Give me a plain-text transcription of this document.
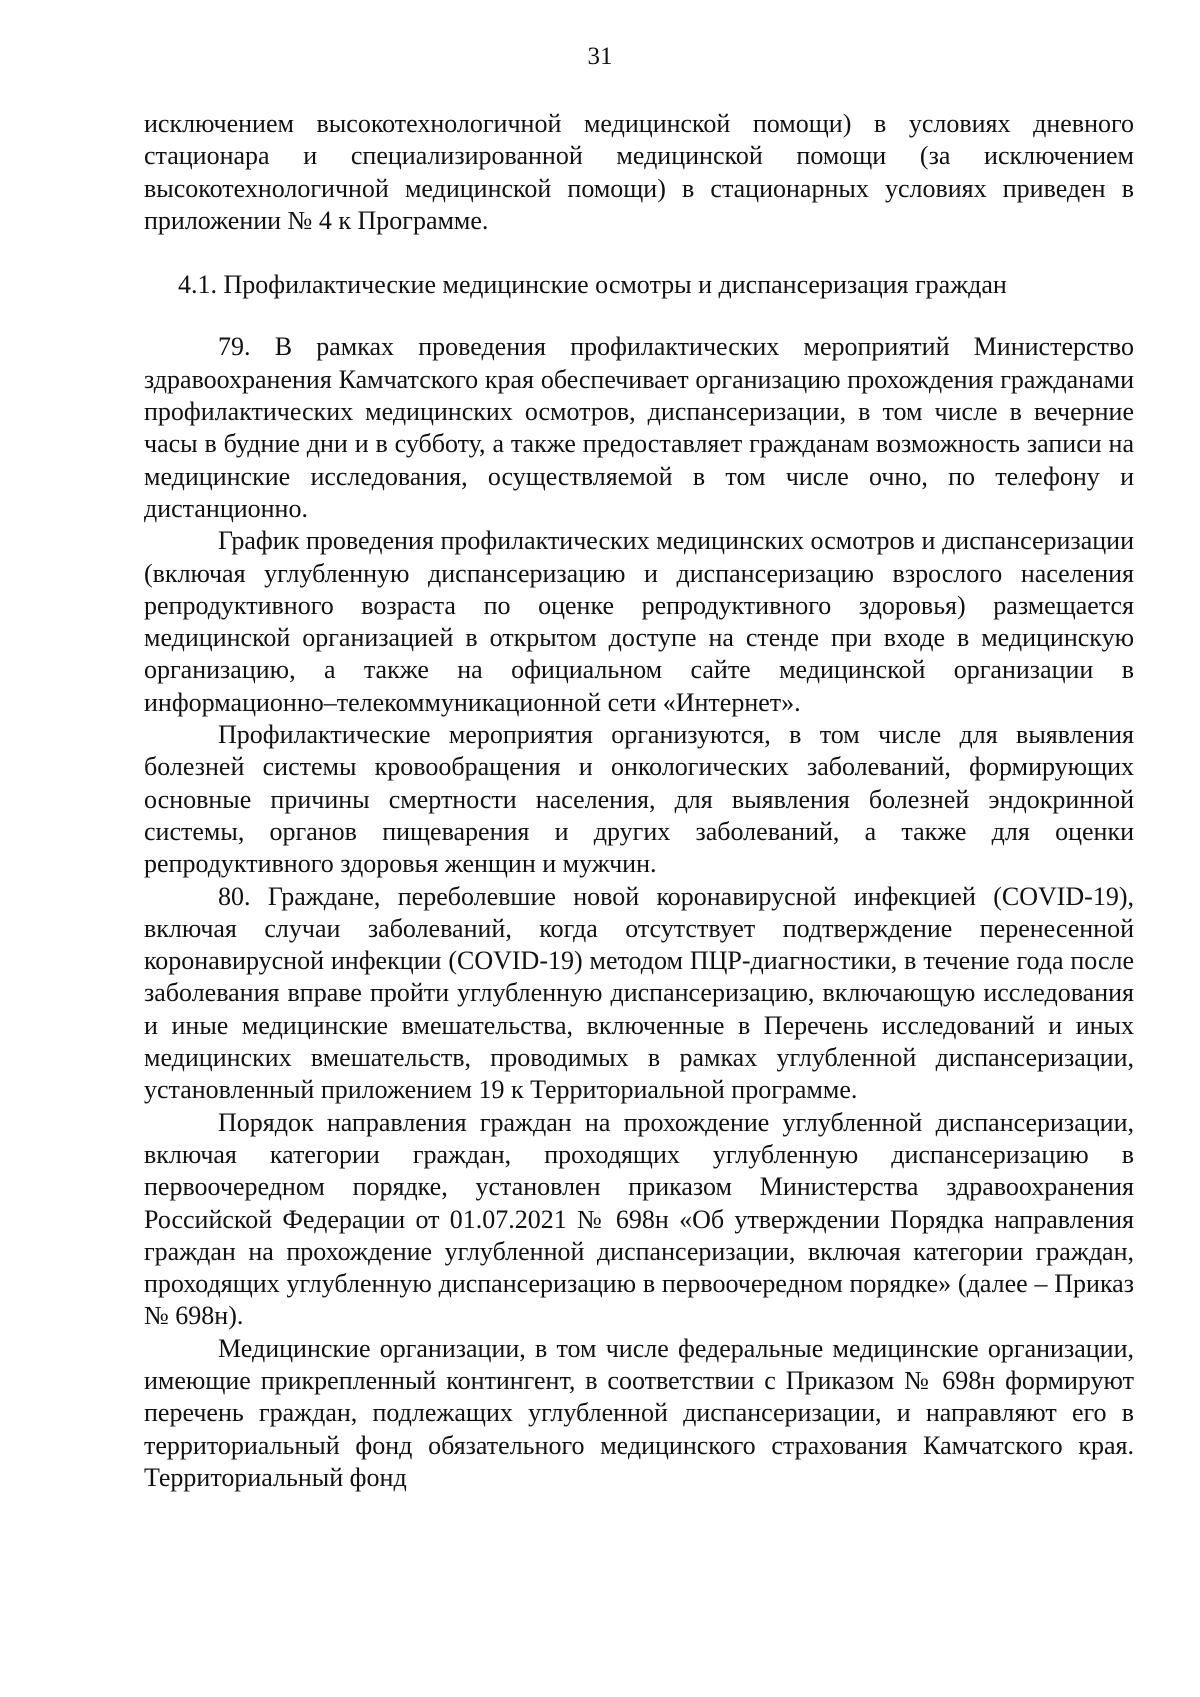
31

исключением высокотехнологичной медицинской помощи) в условиях дневного стационара и специализированной медицинской помощи (за исключением высокотехнологичной медицинской помощи) в стационарных условиях приведен в приложении № 4 к Программе.

4.1. Профилактические медицинские осмотры и диспансеризация граждан

79. В рамках проведения профилактических мероприятий Министерство здравоохранения Камчатского края обеспечивает организацию прохождения гражданами профилактических медицинских осмотров, диспансеризации, в том числе в вечерние часы в будние дни и в субботу, а также предоставляет гражданам возможность записи на медицинские исследования, осуществляемой в том числе очно, по телефону и дистанционно.

График проведения профилактических медицинских осмотров и диспансеризации (включая углубленную диспансеризацию и диспансеризацию взрослого населения репродуктивного возраста по оценке репродуктивного здоровья) размещается медицинской организацией в открытом доступе на стенде при входе в медицинскую организацию, а также на официальном сайте медицинской организации в информационно–телекоммуникационной сети «Интернет».

Профилактические мероприятия организуются, в том числе для выявления болезней системы кровообращения и онкологических заболеваний, формирующих основные причины смертности населения, для выявления болезней эндокринной системы, органов пищеварения и других заболеваний, а также для оценки репродуктивного здоровья женщин и мужчин.

80. Граждане, переболевшие новой коронавирусной инфекцией (COVID-19), включая случаи заболеваний, когда отсутствует подтверждение перенесенной коронавирусной инфекции (COVID-19) методом ПЦР-диагностики, в течение года после заболевания вправе пройти углубленную диспансеризацию, включающую исследования и иные медицинские вмешательства, включенные в Перечень исследований и иных медицинских вмешательств, проводимых в рамках углубленной диспансеризации, установленный приложением 19 к Территориальной программе.

Порядок направления граждан на прохождение углубленной диспансеризации, включая категории граждан, проходящих углубленную диспансеризацию в первоочередном порядке, установлен приказом Министерства здравоохранения Российской Федерации от 01.07.2021 № 698н «Об утверждении Порядка направления граждан на прохождение углубленной диспансеризации, включая категории граждан, проходящих углубленную диспансеризацию в первоочередном порядке» (далее – Приказ № 698н).

Медицинские организации, в том числе федеральные медицинские организации, имеющие прикрепленный контингент, в соответствии с Приказом № 698н формируют перечень граждан, подлежащих углубленной диспансеризации, и направляют его в территориальный фонд обязательного медицинского страхования Камчатского края. Территориальный фонд
